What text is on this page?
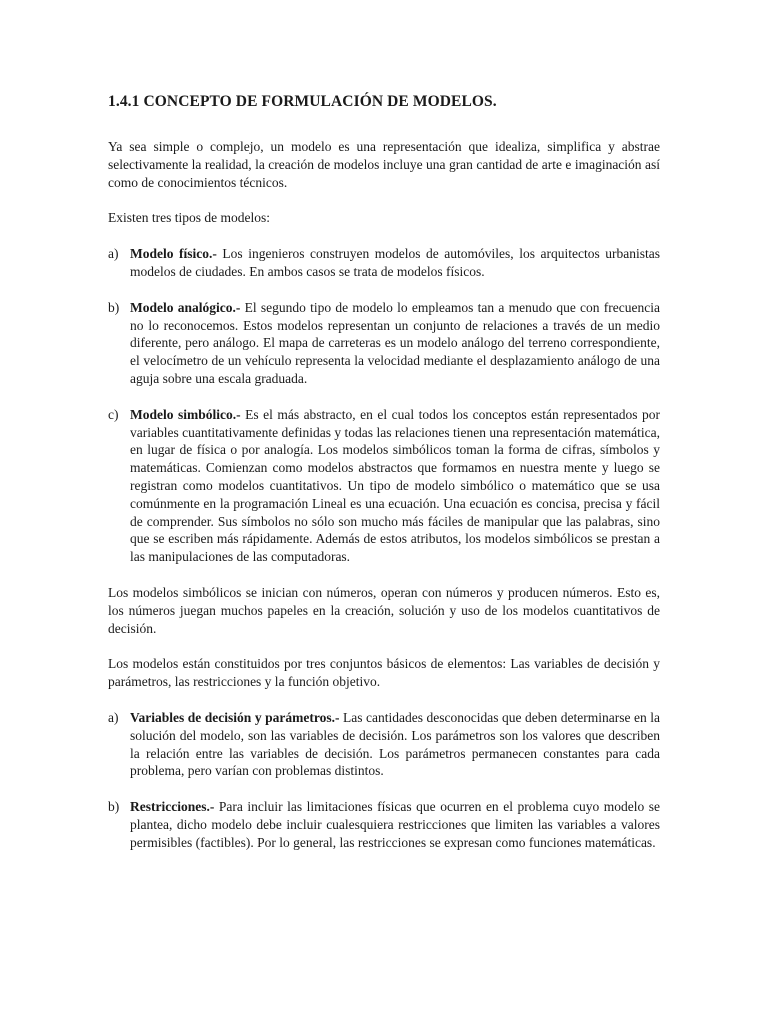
1.4.1 CONCEPTO DE FORMULACIÓN DE MODELOS.

Ya sea simple o complejo, un modelo es una representación que idealiza, simplifica y abstrae selectivamente la realidad, la creación de modelos incluye una gran cantidad de arte e imaginación así como de conocimientos técnicos.

Existen tres tipos de modelos:

a) Modelo físico.- Los ingenieros construyen modelos de automóviles, los arquitectos urbanistas modelos de ciudades. En ambos casos se trata de modelos físicos.
b) Modelo analógico.- El segundo tipo de modelo lo empleamos tan a menudo que con frecuencia no lo reconocemos. Estos modelos representan un conjunto de relaciones a través de un medio diferente, pero análogo. El mapa de carreteras es un modelo análogo del terreno correspondiente, el velocímetro de un vehículo representa la velocidad mediante el desplazamiento análogo de una aguja sobre una escala graduada.
c) Modelo simbólico.- Es el más abstracto, en el cual todos los conceptos están representados por variables cuantitativamente definidas y todas las relaciones tienen una representación matemática, en lugar de física o por analogía. Los modelos simbólicos toman la forma de cifras, símbolos y matemáticas. Comienzan como modelos abstractos que formamos en nuestra mente y luego se registran como modelos cuantitativos. Un tipo de modelo simbólico o matemático que se usa comúnmente en la programación Lineal es una ecuación. Una ecuación es concisa, precisa y fácil de comprender. Sus símbolos no sólo son mucho más fáciles de manipular que las palabras, sino que se escriben más rápidamente. Además de estos atributos, los modelos simbólicos se prestan a las manipulaciones de las computadoras.

Los modelos simbólicos se inician con números, operan con números y producen números. Esto es, los números juegan muchos papeles en la creación, solución y uso de los modelos cuantitativos de decisión.

Los modelos están constituidos por tres conjuntos básicos de elementos: Las variables de decisión y parámetros, las restricciones y la función objetivo.

a) Variables de decisión y parámetros.- Las cantidades desconocidas que deben determinarse en la solución del modelo, son las variables de decisión. Los parámetros son los valores que describen la relación entre las variables de decisión. Los parámetros permanecen constantes para cada problema, pero varían con problemas distintos.
b) Restricciones.- Para incluir las limitaciones físicas que ocurren en el problema cuyo modelo se plantea, dicho modelo debe incluir cualesquiera restricciones que limiten las variables a valores permisibles (factibles). Por lo general, las restricciones se expresan como funciones matemáticas.
